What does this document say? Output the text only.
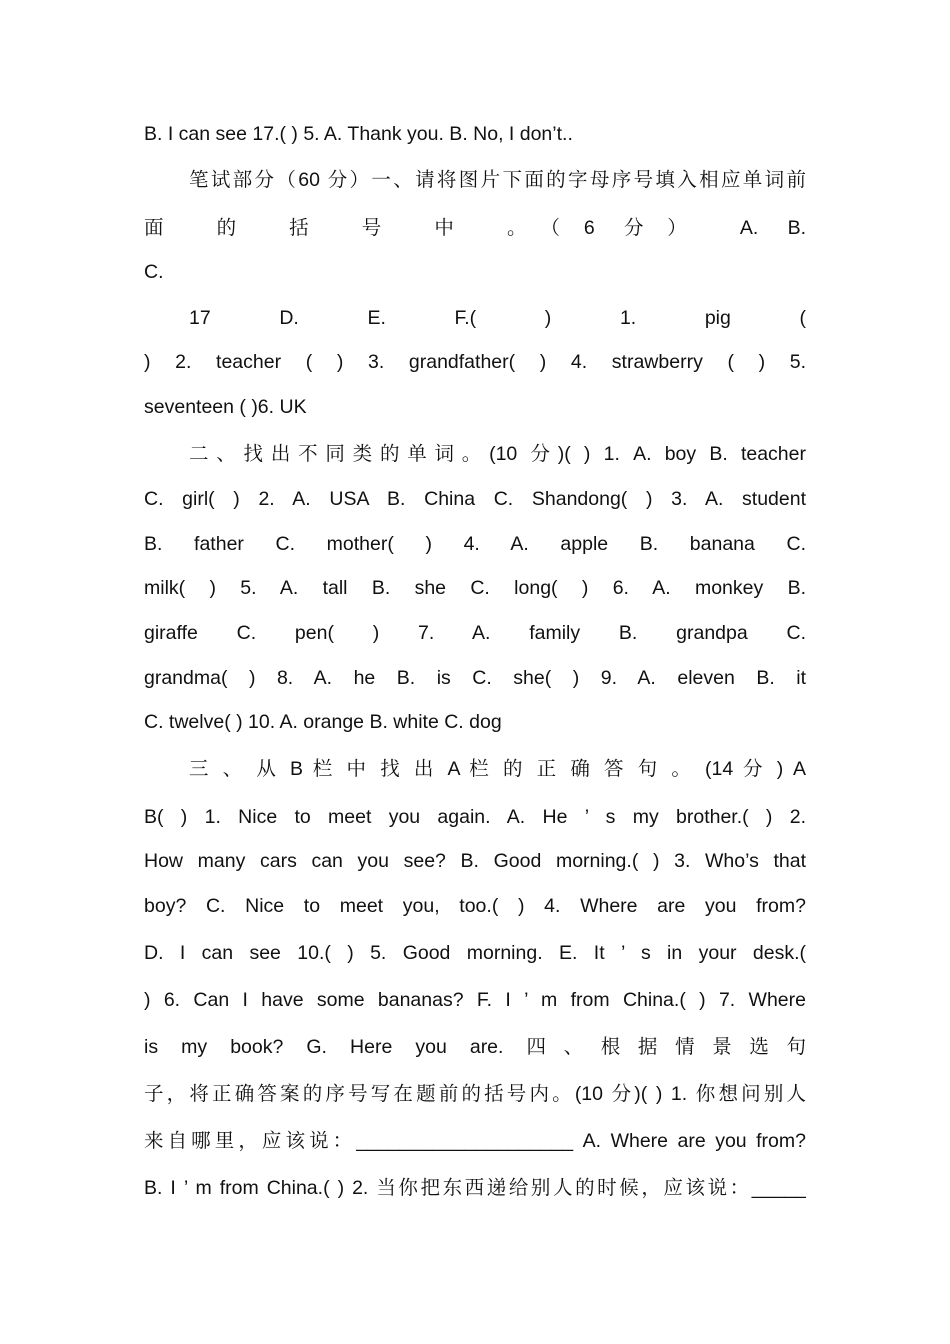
B. I can see 17.( ) 5. A. Thank you. B. No, I don’t..
笔试部分（60 分）一、请将图片下面的字母序号填入相应单词前
面 的 括 号 中 。（6 分） A. B.
C.
17 D. E. F.( ) 1. pig (
) 2. teacher ( ) 3. grandfather( ) 4. strawberry ( ) 5.
seventeen ( )6. UK
二、找出不同类的单词。(10 分)( ) 1. A. boy B. teacher
C. girl( ) 2. A. USA B. China C. Shandong( ) 3. A. student
B. father C. mother( ) 4. A. apple B. banana C.
milk( ) 5. A. tall B. she C. long( ) 6. A. monkey B.
giraffe C. pen( ) 7. A. family B. grandpa C.
grandma( ) 8. A. he B. is C. she( ) 9. A. eleven B. it
C. twelve( ) 10. A. orange B. white C. dog
三 、 从 B 栏 中 找 出 A 栏 的 正 确 答 句 。 (14 分 ) A
B( ) 1. Nice to meet you again. A. He ’ s my brother.( ) 2.
How many cars can you see? B. Good morning.( ) 3. Who’s that
boy? C. Nice to meet you, too.( ) 4. Where are you from?
D. I can see 10.( ) 5. Good morning. E. It ’ s in your desk.(
) 6. Can I have some bananas? F. I ’ m from China.( ) 7. Where
is my book? G. Here you are. 四、根据情景选句
子，将正确答案的序号写在题前的括号内。(10 分)( ) 1. 你想问别人
来自哪里，应该说：____________________ A. Where are you from?
B. I ’ m from China.( ) 2. 当你把东西递给别人的时候，应该说：_____
